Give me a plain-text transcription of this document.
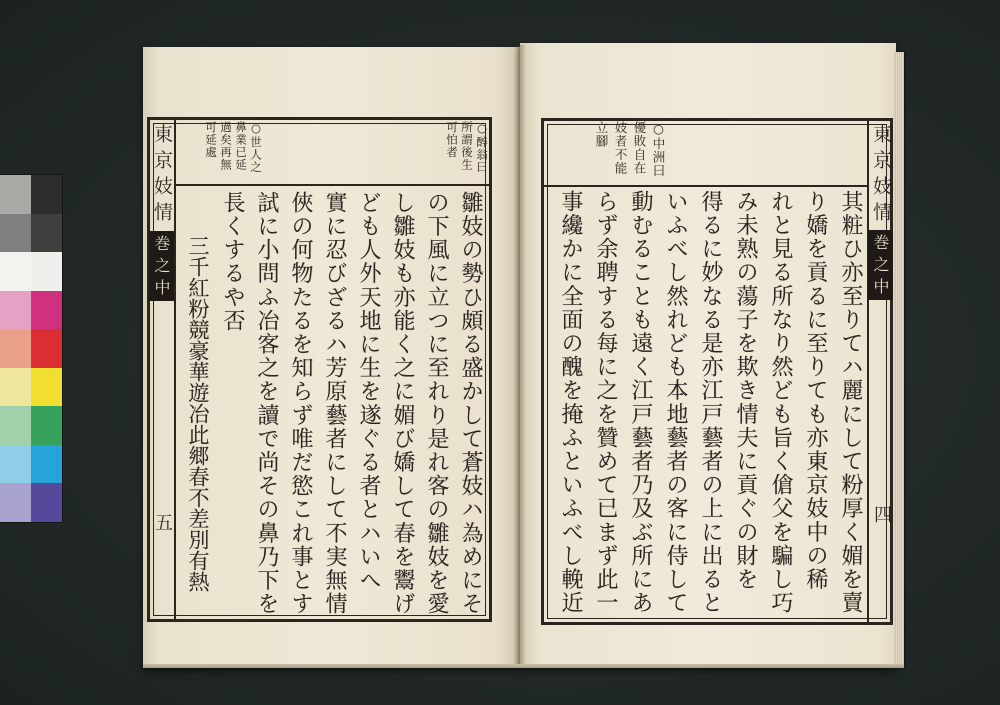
東京妓情
巻之中
五
東京妓情
巻之中
四
○醉翁曰
所謂後生
可怕者
○世人之
鼻業已延
過矣再無
可延處	○中洲曰
優敗自在
妓者不能
立腳
雛妓の勢ひ頗る盛かして蒼妓ハ為めにそ
の下風に立つに至れり是れ客の雛妓を愛
し雛妓も亦能く之に媚び嬌して春を鬻げ
ども人外天地に生を遂ぐる者とハいへ
實に忍びざるハ芳原藝者にして不実無情
俠の何物たるを知らず唯だ慾これ事とす
試に小問ふ冶客之を讀で尚その鼻乃下を
長くするや否
三千紅粉競豪華遊冶此郷春不差別有熱	其粧ひ亦至りてハ麗にして粉厚く媚を賣
り嬌を貢るに至りても亦東京妓中の稀
れと見る所なり然ども旨く傖父を騙し巧
み未熟の蕩子を欺き情夫に貢ぐの財を
得るに妙なる是亦江戸藝者の上に出ると
いふべし然れども本地藝者の客に侍して
動むることも遠く江戸藝者乃及ぶ所にあ
らず余聘する每に之を贊めて已まず此一
事纔かに全面の醜を掩ふといふべし輓近
